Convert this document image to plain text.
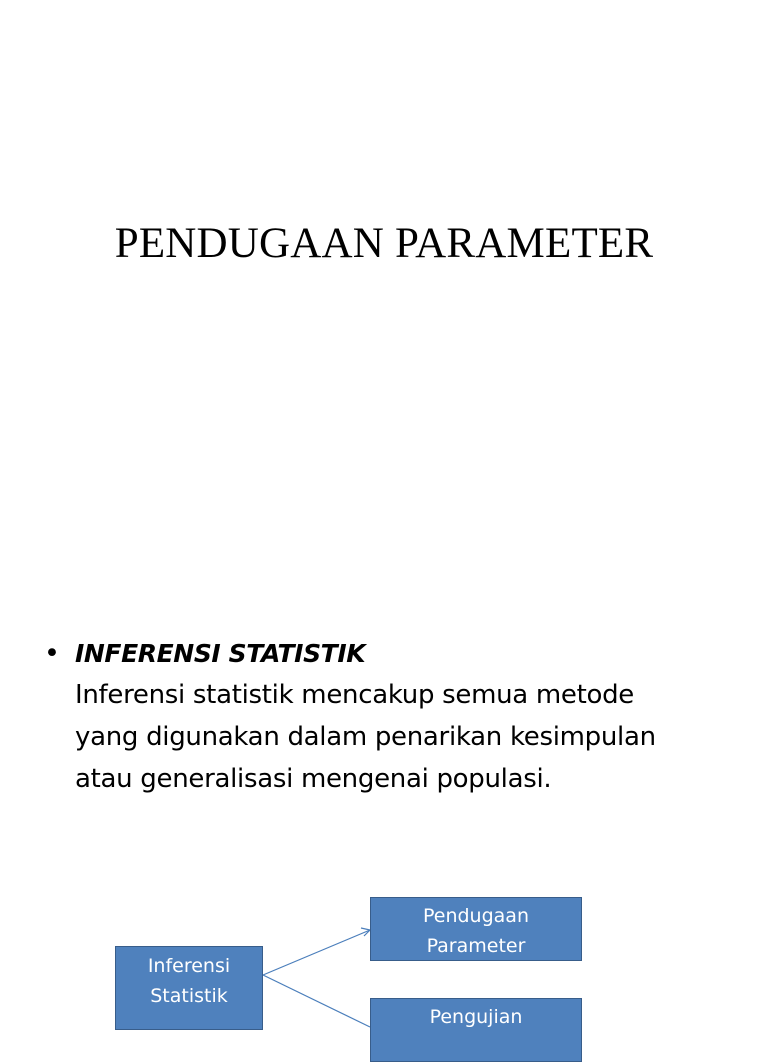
PENDUGAAN PARAMETER
• INFERENSI STATISTIK
Inferensi statistik mencakup semua metode
yang digunakan dalam penarikan kesimpulan
atau generalisasi mengenai populasi.
Inferensi
Statistik
Pendugaan
Parameter
Pengujian
